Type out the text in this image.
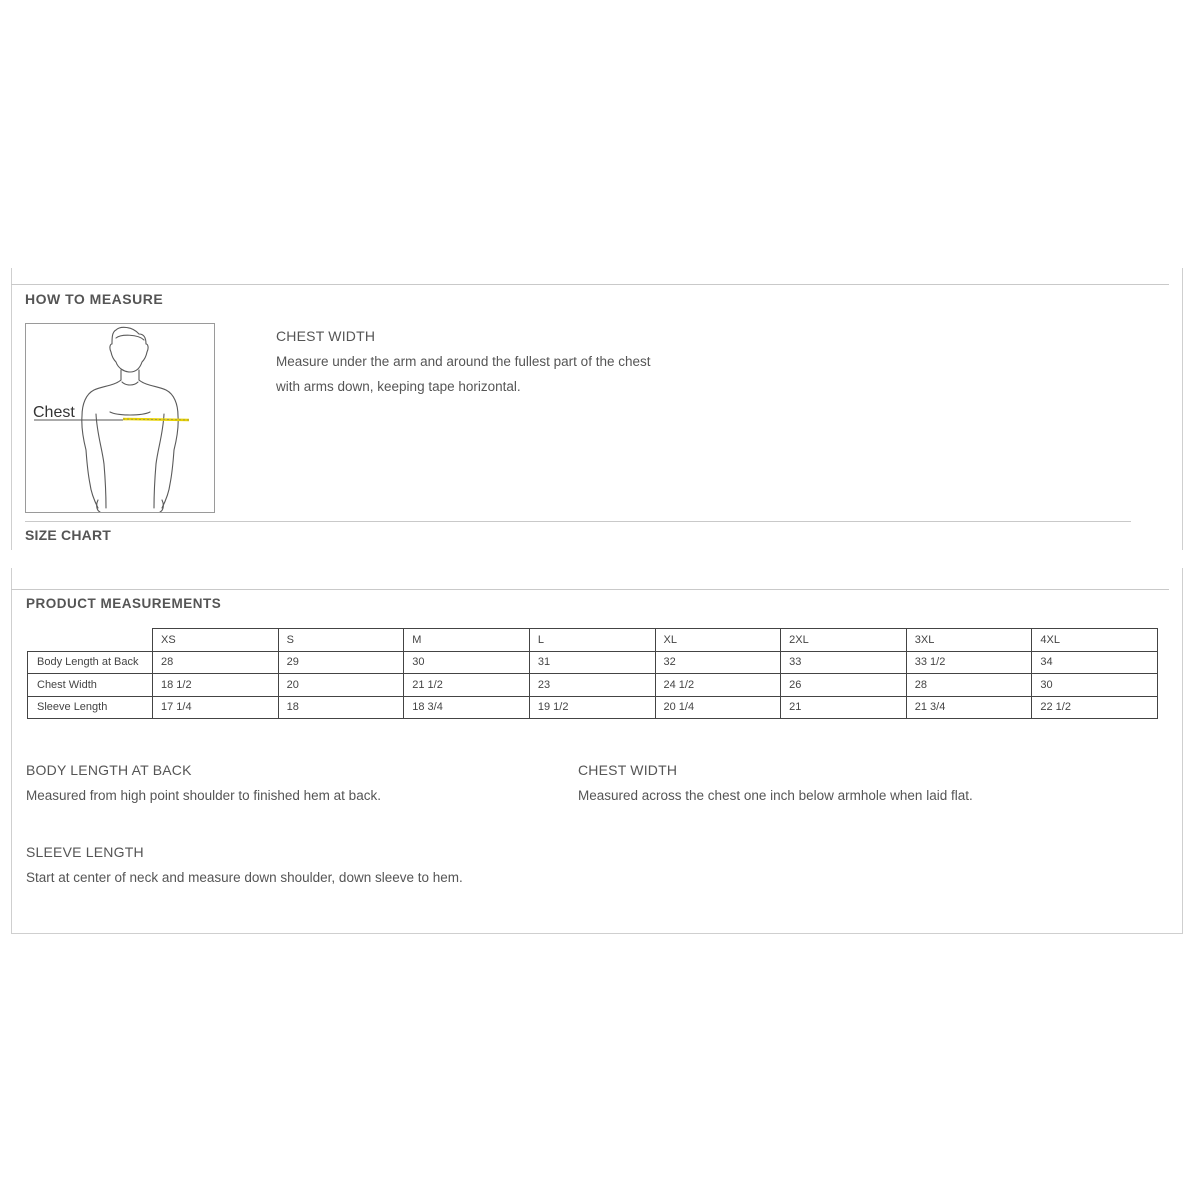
HOW TO MEASURE
Chest
CHEST WIDTH
Measure under the arm and around the fullest part of the chest
with arms down, keeping tape horizontal.
SIZE CHART
PRODUCT MEASUREMENTS
	XS	S	M	L	XL	2XL	3XL	4XL
Body Length at Back	28	29	30	31	32	33	33 1/2	34
Chest Width	18 1/2	20	21 1/2	23	24 1/2	26	28	30
Sleeve Length	17 1/4	18	18 3/4	19 1/2	20 1/4	21	21 3/4	22 1/2
BODY LENGTH AT BACK
Measured from high point shoulder to finished hem at back.
CHEST WIDTH
Measured across the chest one inch below armhole when laid flat.
SLEEVE LENGTH
Start at center of neck and measure down shoulder, down sleeve to hem.
